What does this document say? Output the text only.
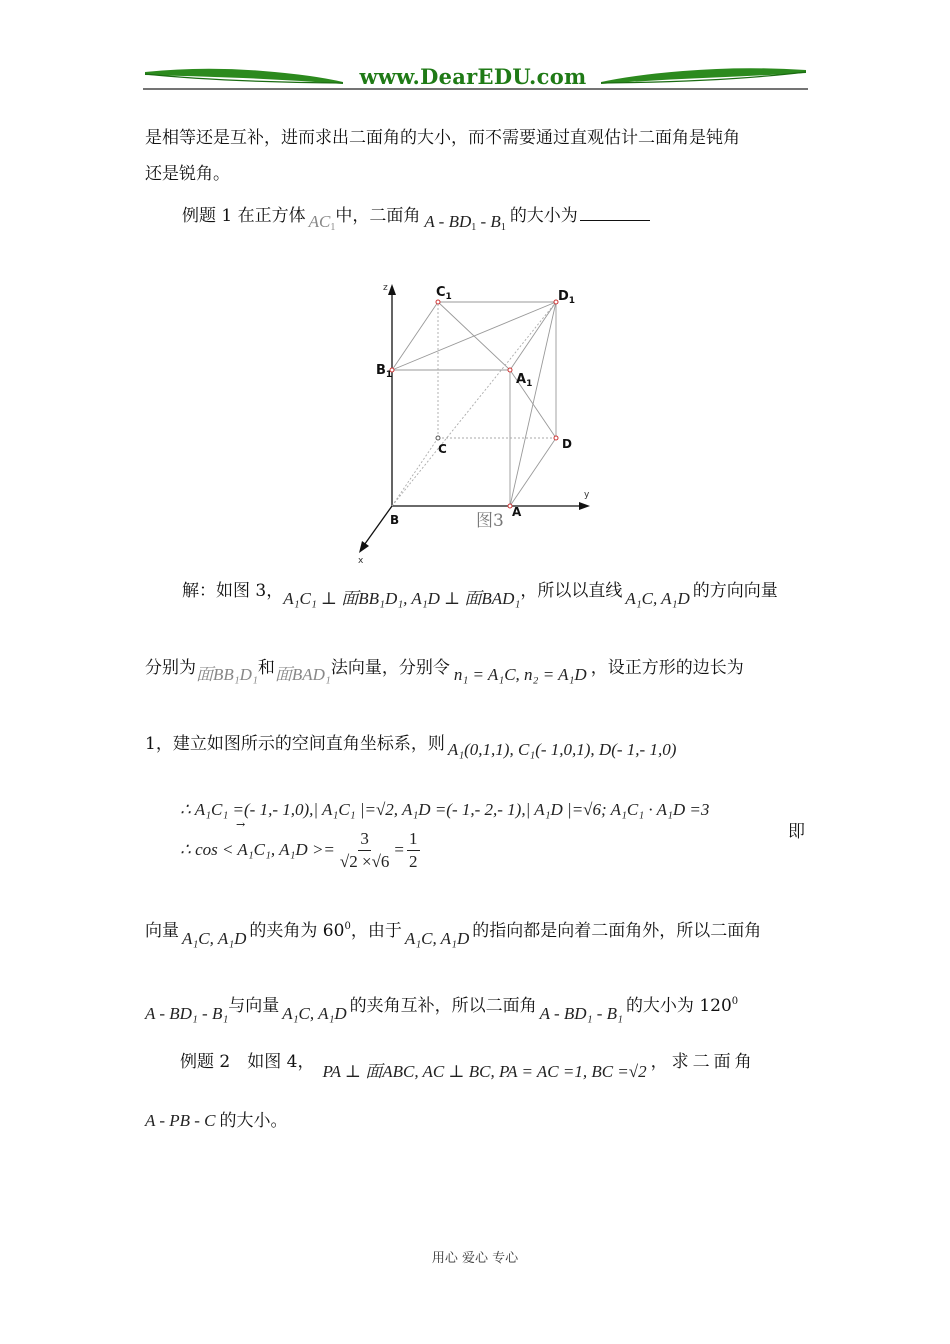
www.DearEDU.com
是相等还是互补，进而求出二面角的大小，而不需要通过直观估计二面角是钝角
还是锐角。
例题 1 在正方体 $AC_1$中，二面角 A - $BD_1 - B_1$的大小为
$C_1$	$D_1$
$B_1$	$A_1$
C	D
B
A
z
y
x
图3
解：如图 3，A₁C₁ ⊥ 面BB₁D₁, A₁D ⊥ 面BAD₁，所以以直线 A₁C, A₁D 的方向向量
分别为面BB₁D₁和面BAD₁法向量，分别令 n₁ = A₁C, n₂ = A₁D ，设正方形的边长为
1，建立如图所示的空间直角坐标系，则 A₁(0,1,1), C₁(- 1,0,1), D(- 1,- 1,0)
∴ A₁C₁ =(- 1,- 1,0),| A₁C₁ |=√2, A₁D =(- 1,- 2,- 1),| A₁D |=√6; A₁C₁ · A₁D =3
→	即
∴ cos < A₁C₁, $A_1D >= \frac{3}{√2 \times√6} = \frac{1}{2}$
向量 A₁C, A₁D 的夹角为 $60^0$，由于 A₁C, A₁D 的指向都是向着二面角外，所以二面角
A - BD₁ - B₁与向量 A₁C, A₁D 的夹角互补，所以二面角 A - BD₁ - B₁ 的大小为 $120^0$
例题 2　如图 4， PA ⊥ 面ABC, AC ⊥ BC, PA = AC =1, BC =√2 ，求二面角
A - PB - C 的大小。
用心 爱心 专心
